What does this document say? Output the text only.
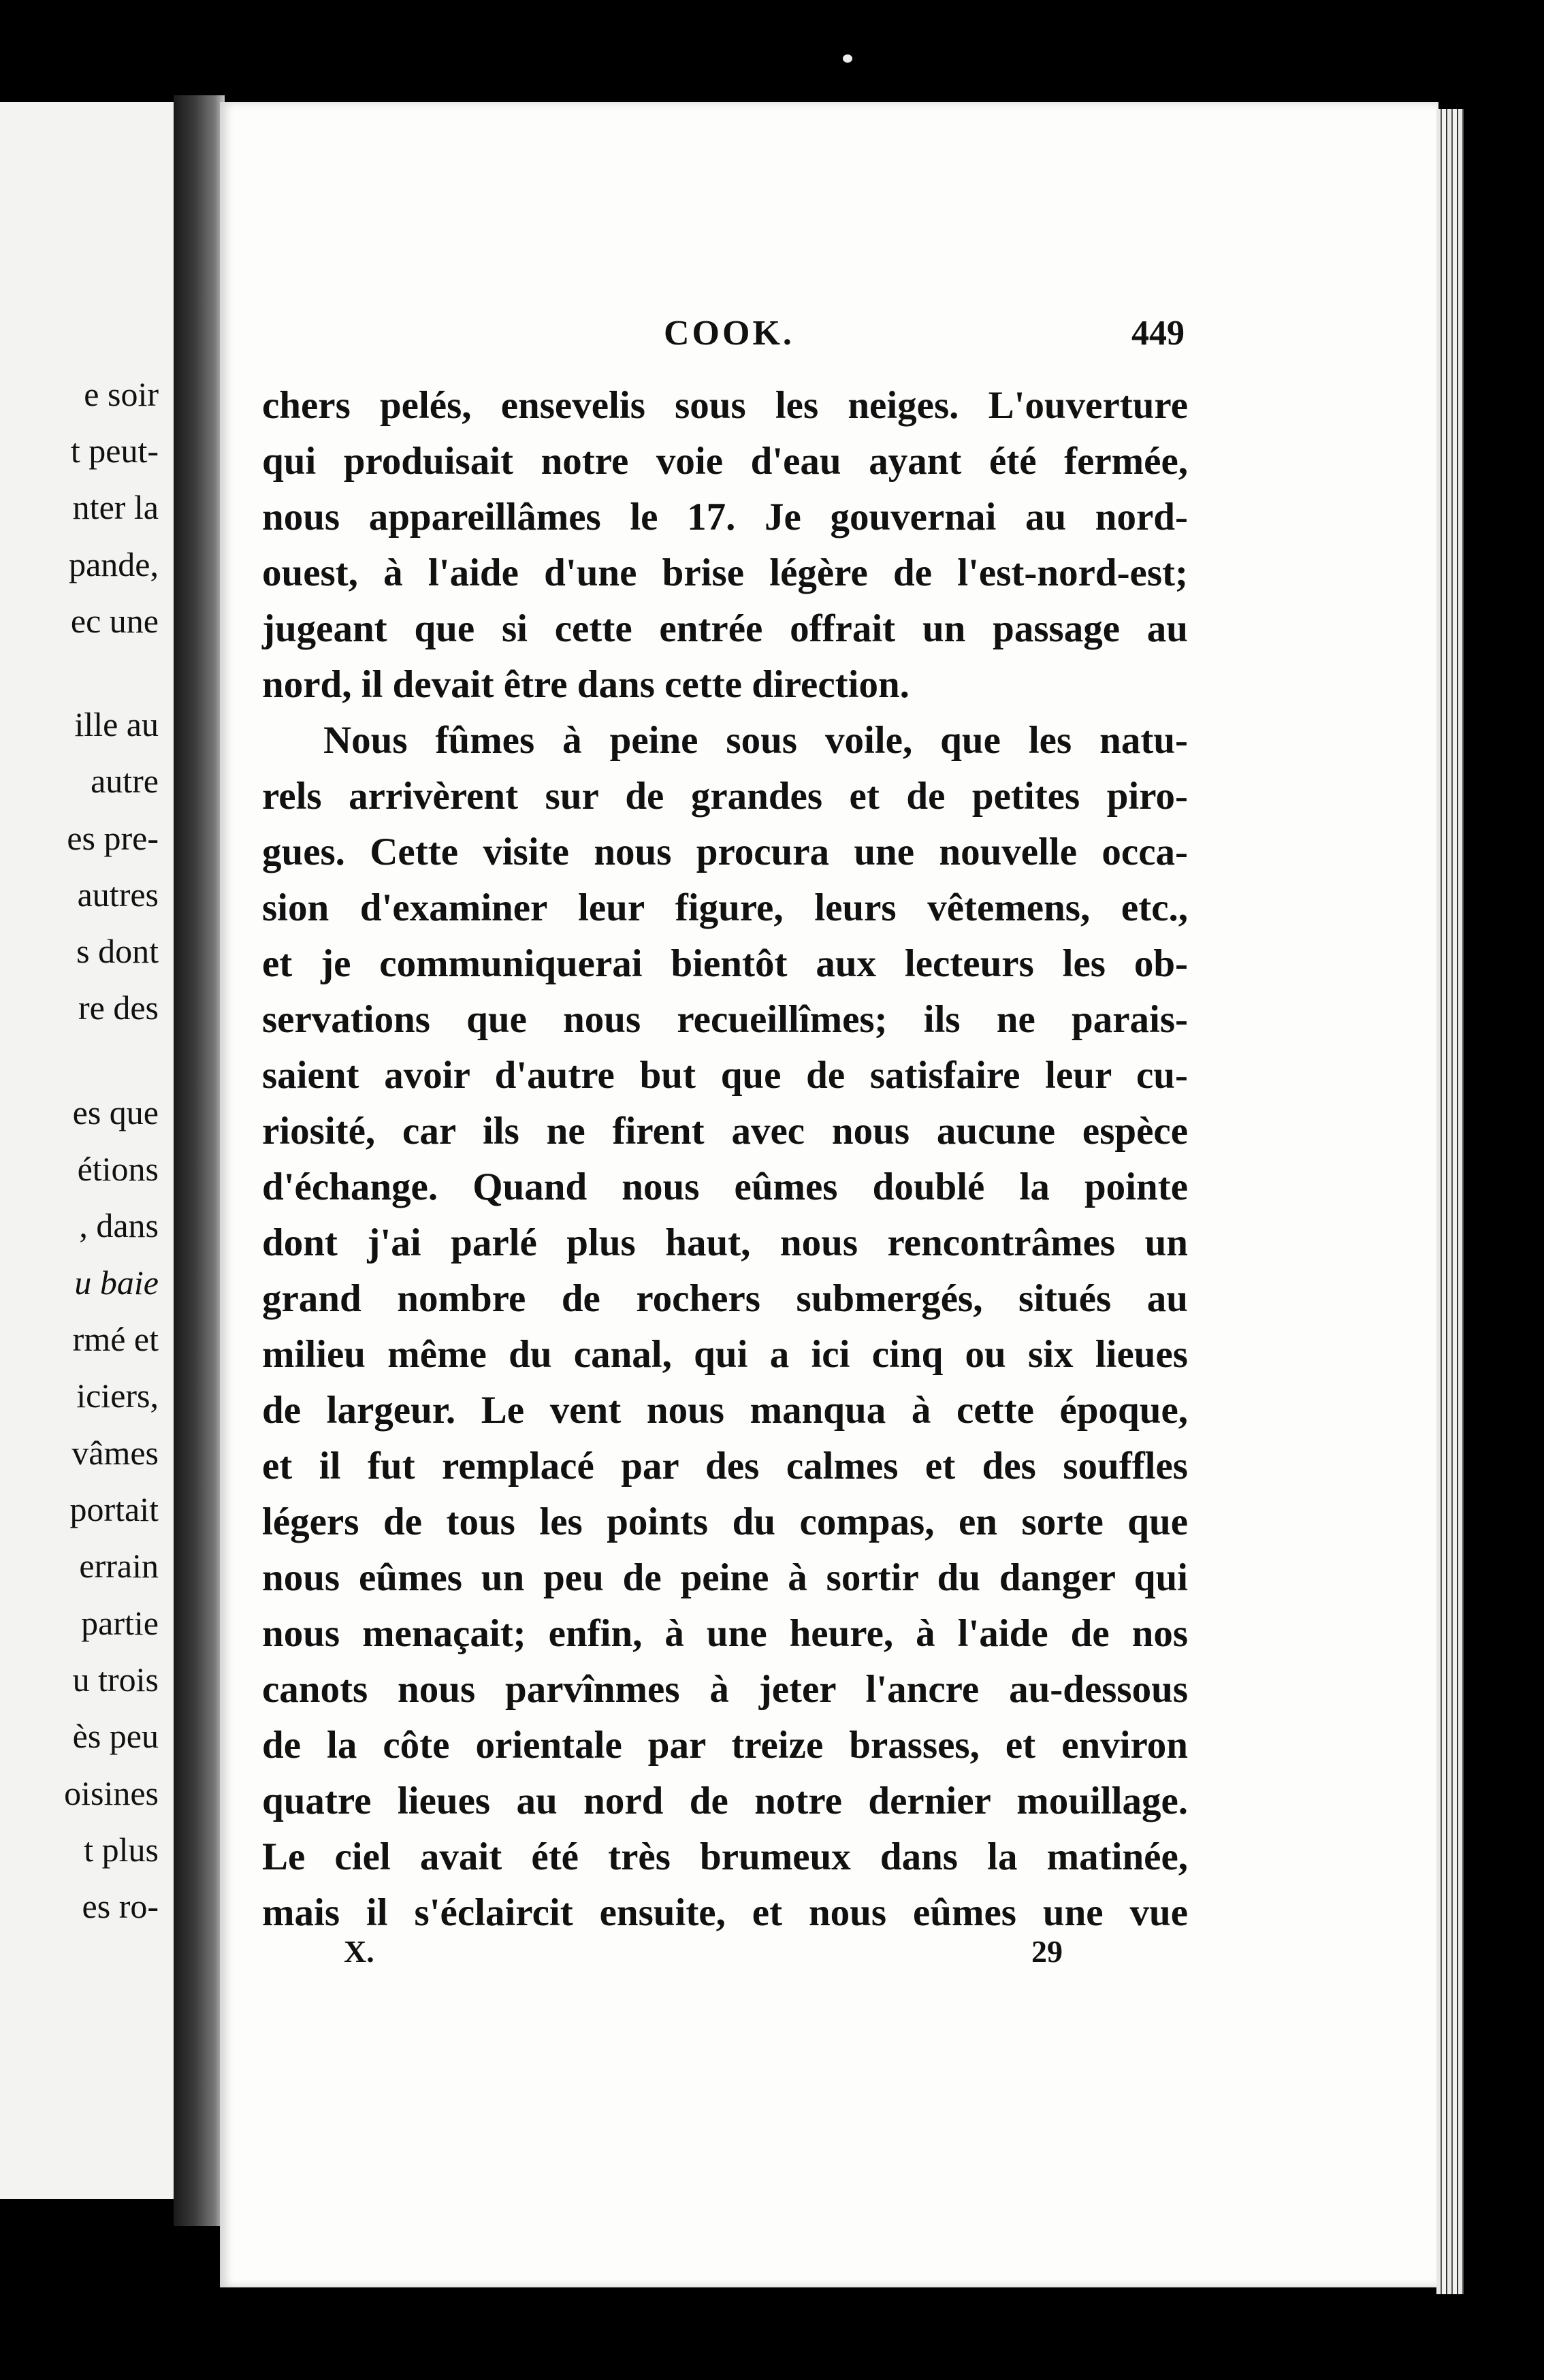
e soir
t peut-
nter la
pande,
ec une
ille au
autre
es pre-
autres
s dont
re des
es que
étions
, dans
u baie
rmé et
iciers,
vâmes
portait
errain
partie
u trois
ès peu
oisines
t plus
es ro-
COOK.	449
chers pelés, ensevelis sous les neiges. L'ouverture
qui produisait notre voie d'eau ayant été fermée,
nous appareillâmes le 17. Je gouvernai au nord-
ouest, à l'aide d'une brise légère de l'est-nord-est;
jugeant que si cette entrée offrait un passage au
nord, il devait être dans cette direction.
Nous fûmes à peine sous voile, que les natu-
rels arrivèrent sur de grandes et de petites piro-
gues. Cette visite nous procura une nouvelle occa-
sion d'examiner leur figure, leurs vêtemens, etc.,
et je communiquerai bientôt aux lecteurs les ob-
servations que nous recueillîmes; ils ne parais-
saient avoir d'autre but que de satisfaire leur cu-
riosité, car ils ne firent avec nous aucune espèce
d'échange. Quand nous eûmes doublé la pointe
dont j'ai parlé plus haut, nous rencontrâmes un
grand nombre de rochers submergés, situés au
milieu même du canal, qui a ici cinq ou six lieues
de largeur. Le vent nous manqua à cette époque,
et il fut remplacé par des calmes et des souffles
légers de tous les points du compas, en sorte que
nous eûmes un peu de peine à sortir du danger qui
nous menaçait; enfin, à une heure, à l'aide de nos
canots nous parvînmes à jeter l'ancre au-dessous
de la côte orientale par treize brasses, et environ
quatre lieues au nord de notre dernier mouillage.
Le ciel avait été très brumeux dans la matinée,
mais il s'éclaircit ensuite, et nous eûmes une vue
X.	29
